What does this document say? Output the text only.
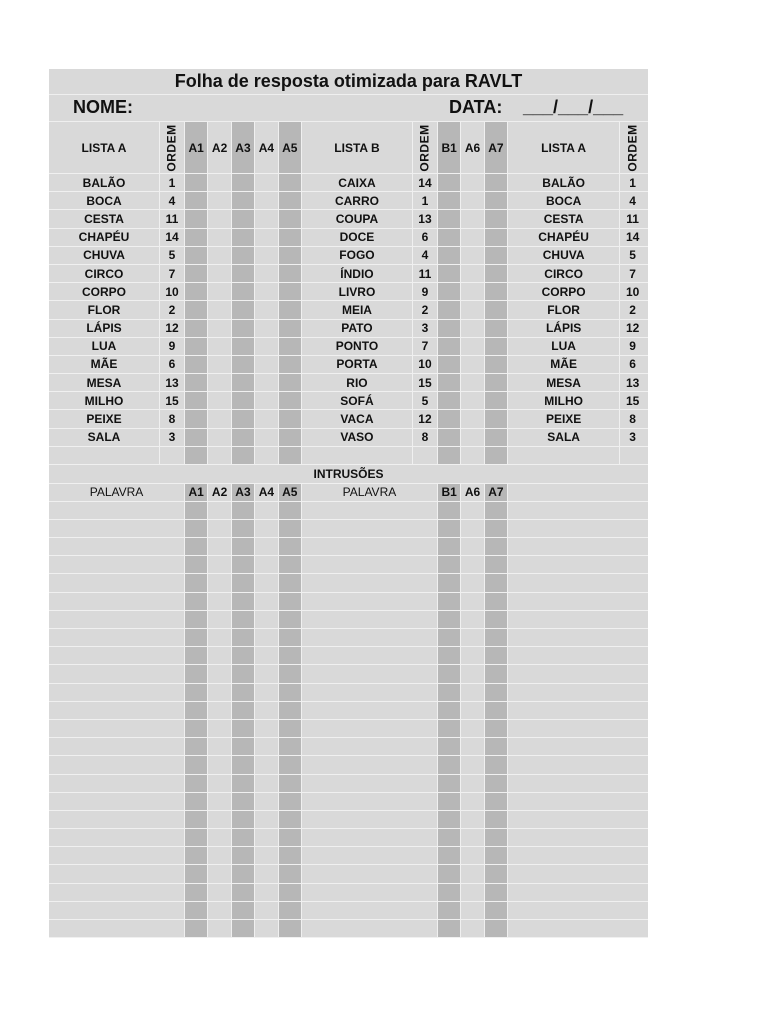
Folha de resposta otimizada para RAVLT
NOME:	DATA: ___/___/___
LISTA A	ORDEM A1 A2 A3 A4 A5	LISTA B	ORDEM B1 A6 A7	LISTA A	ORDEM
BALÃO	1	CAIXA	14	BALÃO	1
BOCA	4	CARRO	1	BOCA	4
CESTA	11	COUPA	13	CESTA	11
CHAPÉU	14	DOCE	6	CHAPÉU	14
CHUVA	5	FOGO	4	CHUVA	5
CIRCO	7	ÍNDIO	11	CIRCO	7
CORPO	10	LIVRO	9	CORPO	10
FLOR	2	MEIA	2	FLOR	2
LÁPIS	12	PATO	3	LÁPIS	12
LUA	9	PONTO	7	LUA	9
MÃE	6	PORTA	10	MÃE	6
MESA	13	RIO	15	MESA	13
MILHO	15	SOFÁ	5	MILHO	15
PEIXE	8	VACA	12	PEIXE	8
SALA	3	VASO	8	SALA	3
INTRUSÕES
PALAVRA	A1 A2 A3 A4 A5	PALAVRA	B1 A6 A7
